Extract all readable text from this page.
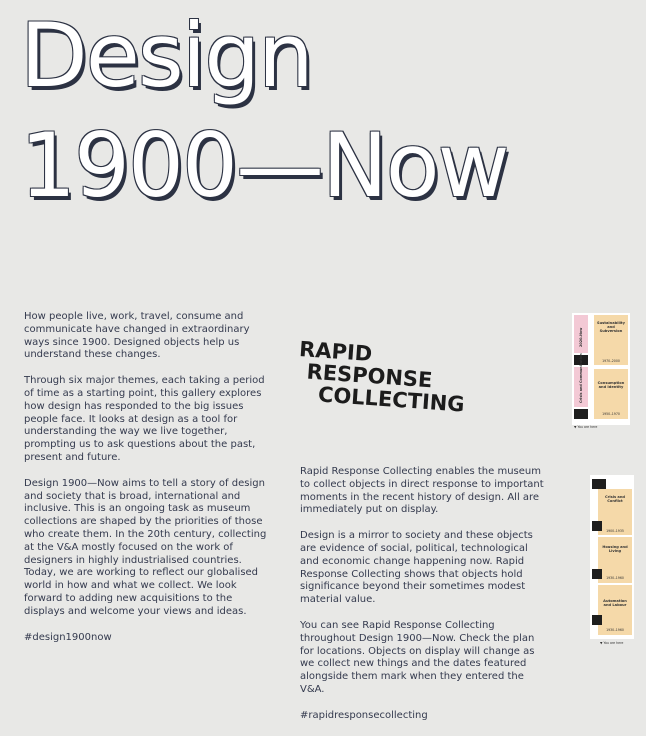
Design
1900—Now

How people live, work, travel, consume and communicate have changed in extraordinary ways since 1900. Designed objects help us understand these changes.

Through six major themes, each taking a period of time as a starting point, this gallery explores how design has responded to the big issues people face. It looks at design as a tool for understanding the way we live together, prompting us to ask questions about the past, present and future.

Design 1900—Now aims to tell a story of design and society that is broad, international and inclusive. This is an ongoing task as museum collections are shaped by the priorities of those who create them. In the 20th century, collecting at the V&A mostly focused on the work of designers in highly industrialised countries. Today, we are working to reflect our globalised world in how and what we collect. We look forward to adding new acquisitions to the displays and welcome your views and ideas.

#design1900now

RAPID
RESPONSE
COLLECTING

Rapid Response Collecting enables the museum to collect objects in direct response to important moments in the recent history of design. All are immediately put on display.

Design is a mirror to society and these objects are evidence of social, political, technological and economic change happening now. Rapid Response Collecting shows that objects hold significance beyond their sometimes modest material value.

You can see Rapid Response Collecting throughout Design 1900—Now. Check the plan for locations. Objects on display will change as we collect new things and the dates featured alongside them mark when they entered the V&A.

#rapidresponsecollecting

2020–Now
Crisis and Communication
Sustainability and Subversion
1970–2000
Consumption and Identity
1950–1970
▼ You are here
Crisis and Conflict
1900–1935
Housing and Living
1930–1960
Automation and Labour
1930–1960
▼ You are here
